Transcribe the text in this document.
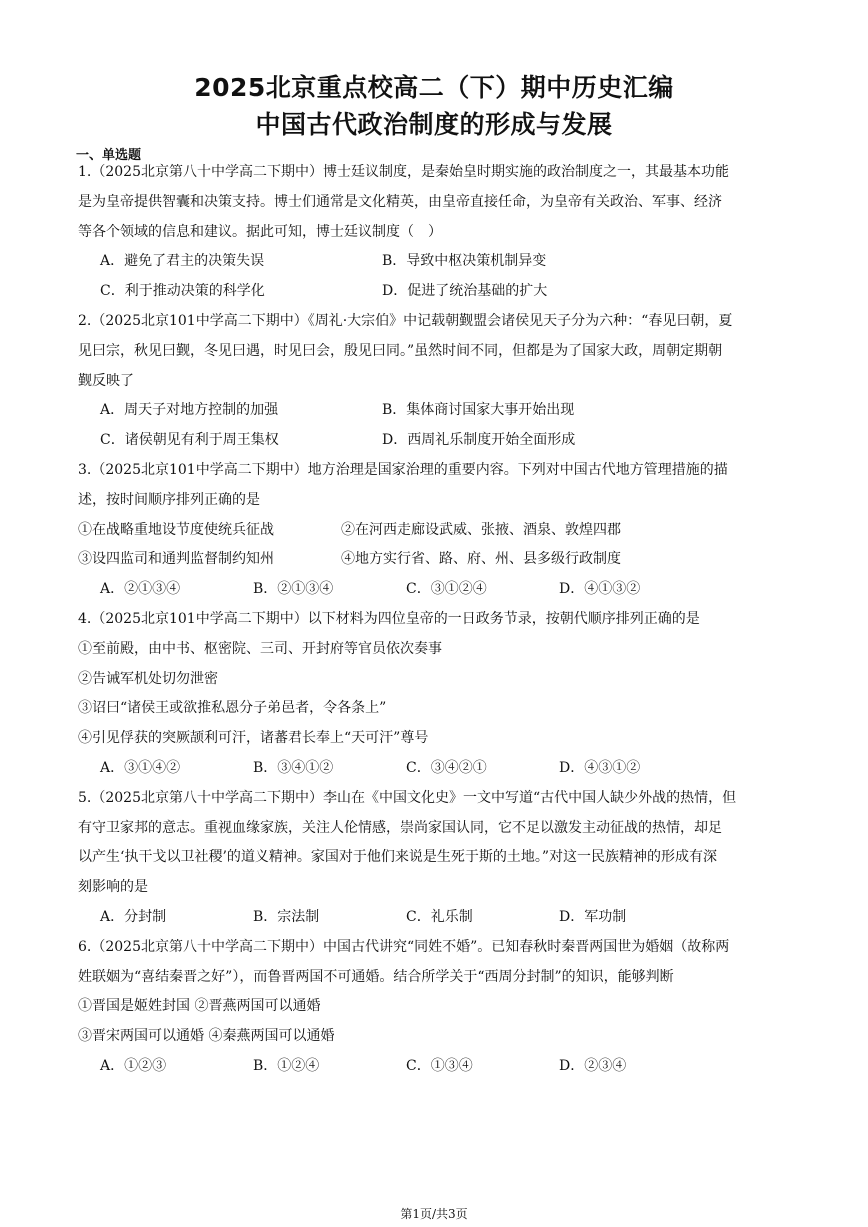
2025北京重点校高二（下）期中历史汇编
中国古代政治制度的形成与发展
一、单选题
1.（2025北京第八十中学高二下期中）博士廷议制度，是秦始皇时期实施的政治制度之一，其最基本功能
是为皇帝提供智囊和决策支持。博士们通常是文化精英，由皇帝直接任命，为皇帝有关政治、军事、经济
等各个领域的信息和建议。据此可知，博士廷议制度（　）
A．避免了君主的决策失误	B．导致中枢决策机制异变
C．利于推动决策的科学化	D．促进了统治基础的扩大
2.（2025北京101中学高二下期中）《周礼·大宗伯》中记载朝觐盟会诸侯见天子分为六种：“春见曰朝，夏
见曰宗，秋见曰觐，冬见曰遇，时见曰会，殷见曰同。”虽然时间不同，但都是为了国家大政，周朝定期朝
觐反映了
A．周天子对地方控制的加强	B．集体商讨国家大事开始出现
C．诸侯朝见有利于周王集权	D．西周礼乐制度开始全面形成
3.（2025北京101中学高二下期中）地方治理是国家治理的重要内容。下列对中国古代地方管理措施的描
述，按时间顺序排列正确的是
①在战略重地设节度使统兵征战	②在河西走廊设武威、张掖、酒泉、敦煌四郡
③设四监司和通判监督制约知州	④地方实行省、路、府、州、县多级行政制度
A．②①③④	B．②①③④	C．③①②④	D．④①③②
4.（2025北京101中学高二下期中）以下材料为四位皇帝的一日政务节录，按朝代顺序排列正确的是
①至前殿，由中书、枢密院、三司、开封府等官员依次奏事
②告诫军机处切勿泄密
③诏曰“诸侯王或欲推私恩分子弟邑者，令各条上”
④引见俘获的突厥颉利可汗，诸蕃君长奉上“天可汗”尊号
A．③①④②	B．③④①②	C．③④②①	D．④③①②
5.（2025北京第八十中学高二下期中）李山在《中国文化史》一文中写道“古代中国人缺少外战的热情，但
有守卫家邦的意志。重视血缘家族，关注人伦情感，崇尚家国认同，它不足以激发主动征战的热情，却足
以产生‘执干戈以卫社稷’的道义精神。家国对于他们来说是生死于斯的土地。”对这一民族精神的形成有深
刻影响的是
A．分封制	B．宗法制	C．礼乐制	D．军功制
6.（2025北京第八十中学高二下期中）中国古代讲究“同姓不婚”。已知春秋时秦晋两国世为婚姻（故称两
姓联姻为“喜结秦晋之好”），而鲁晋两国不可通婚。结合所学关于“西周分封制”的知识，能够判断
①晋国是姬姓封国 ②晋燕两国可以通婚
③晋宋两国可以通婚 ④秦燕两国可以通婚
A．①②③	B．①②④	C．①③④	D．②③④
第1页/共3页
